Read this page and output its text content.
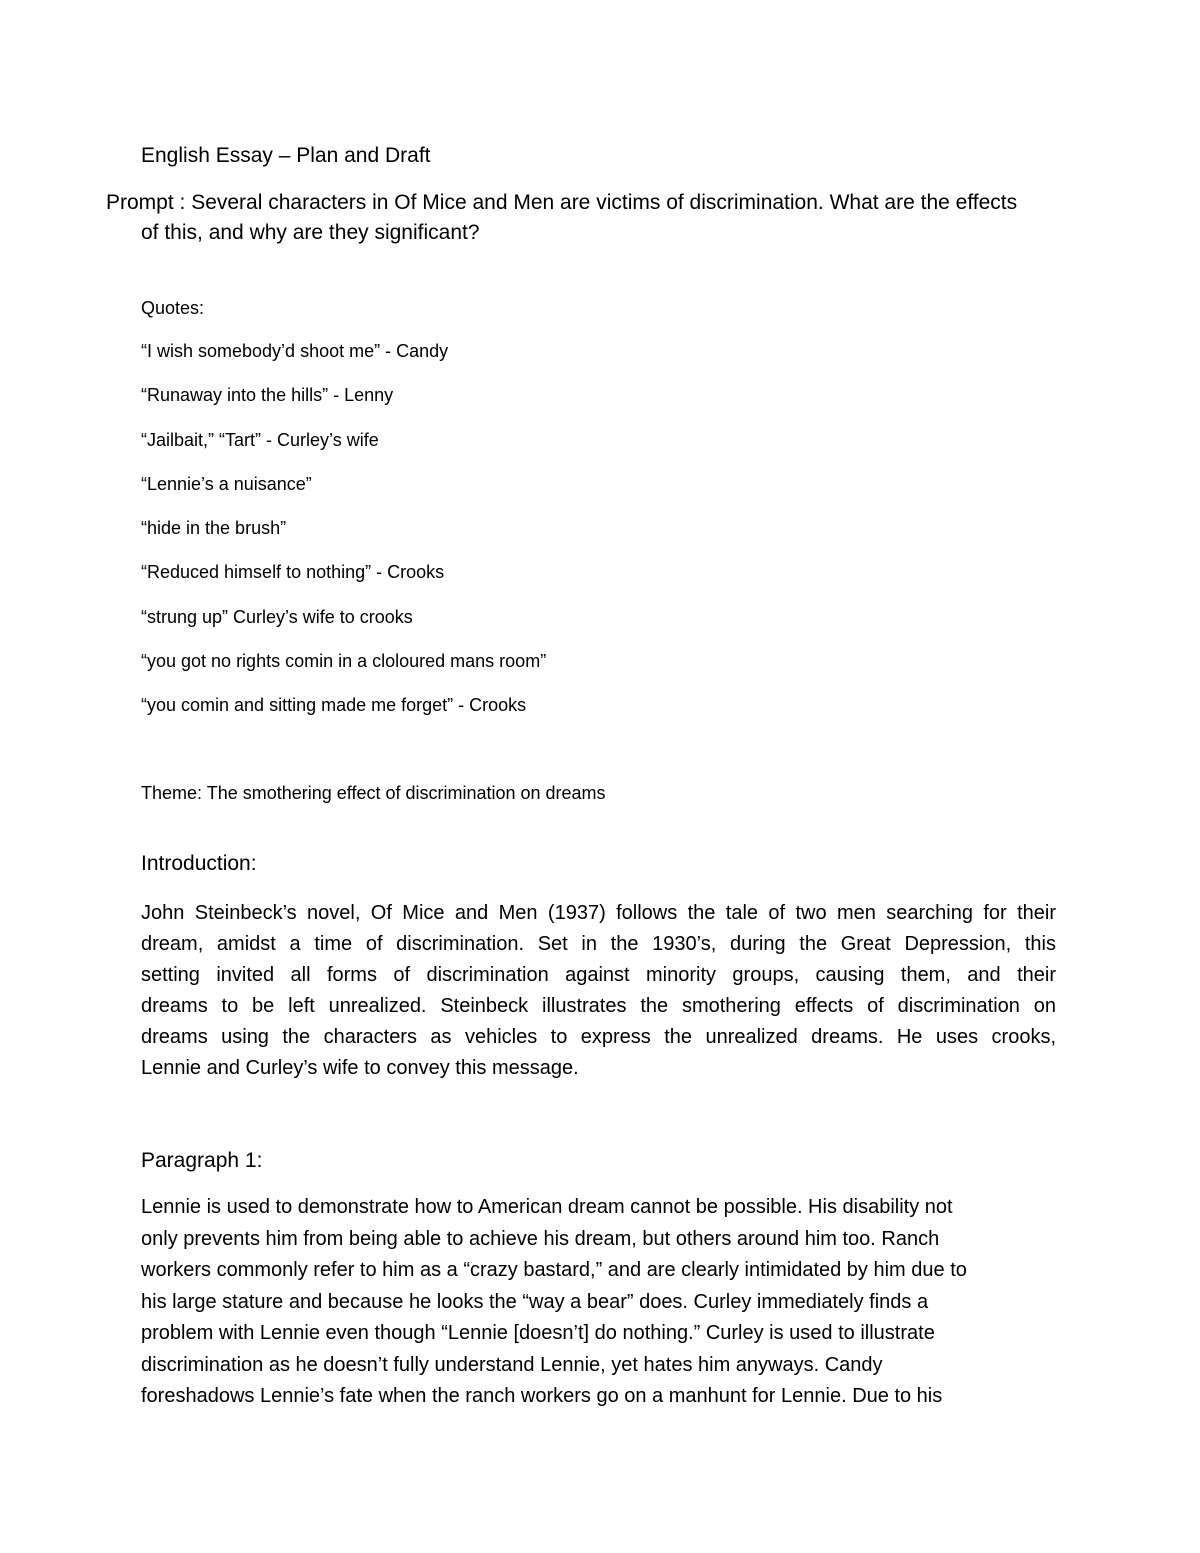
English Essay – Plan and Draft

Prompt : Several characters in Of Mice and Men are victims of discrimination. What are the effects
of this, and why are they significant?

Quotes:

“I wish somebody’d shoot me” - Candy
“Runaway into the hills” - Lenny
“Jailbait,” “Tart” - Curley’s wife
“Lennie’s a nuisance”
“hide in the brush”
“Reduced himself to nothing” - Crooks
“strung up” Curley’s wife to crooks
“you got no rights comin in a cloloured mans room”
“you comin and sitting made me forget” - Crooks

Theme: The smothering effect of discrimination on dreams

Introduction:

John Steinbeck’s novel, Of Mice and Men (1937) follows the tale of two men searching for their
dream, amidst a time of discrimination. Set in the 1930’s, during the Great Depression, this
setting invited all forms of discrimination against minority groups, causing them, and their
dreams to be left unrealized. Steinbeck illustrates the smothering effects of discrimination on
dreams using the characters as vehicles to express the unrealized dreams. He uses crooks,
Lennie and Curley’s wife to convey this message.

Paragraph 1:

Lennie is used to demonstrate how to American dream cannot be possible. His disability not
only prevents him from being able to achieve his dream, but others around him too. Ranch
workers commonly refer to him as a “crazy bastard,” and are clearly intimidated by him due to
his large stature and because he looks the “way a bear” does. Curley immediately finds a
problem with Lennie even though “Lennie [doesn’t] do nothing.” Curley is used to illustrate
discrimination as he doesn’t fully understand Lennie, yet hates him anyways. Candy
foreshadows Lennie’s fate when the ranch workers go on a manhunt for Lennie. Due to his
